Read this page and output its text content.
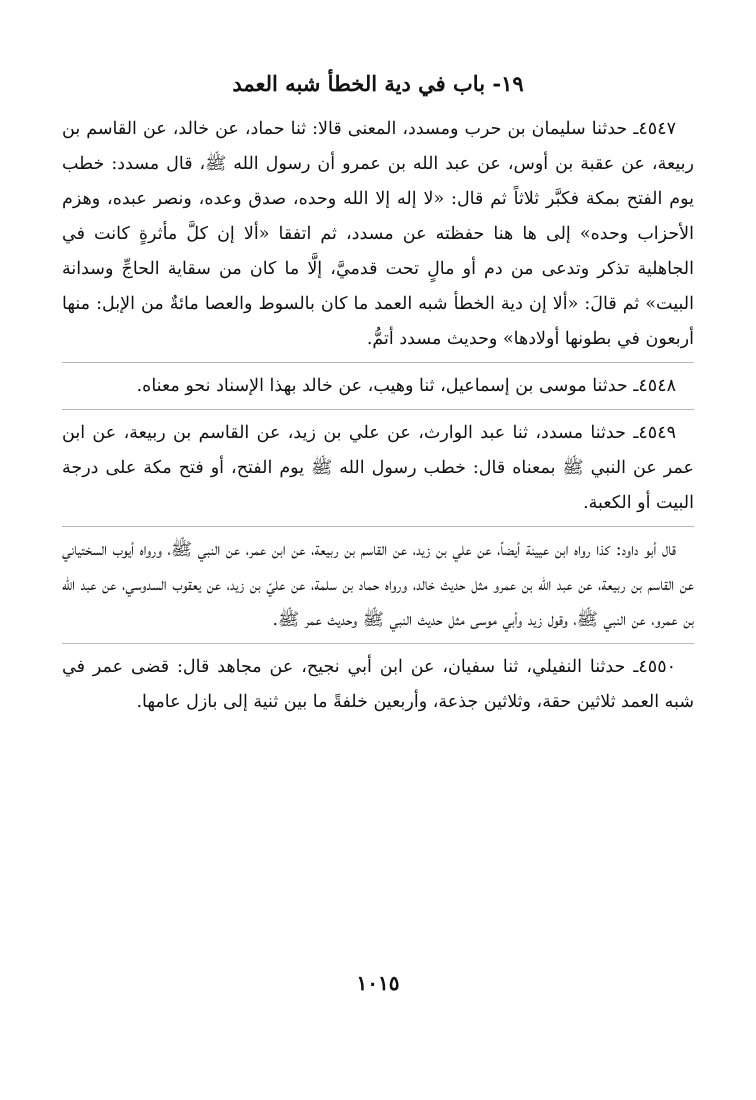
١٩- باب في دية الخطأ شبه العمد

٤٥٤٧ـ حدثنا سليمان بن حرب ومسدد، المعنى قالا: ثنا حماد، عن خالد، عن القاسم بن ربيعة، عن عقبة بن أوس، عن عبد الله بن عمرو أن رسول الله ﷺ، قال مسدد: خطب يوم الفتح بمكة فكبَّر ثلاثاً ثم قال: «لا إله إلا الله وحده، صدق وعده، ونصر عبده، وهزم الأحزاب وحده» إلى ها هنا حفظته عن مسدد، ثم اتفقا «ألا إن كلَّ مأثرةٍ كانت في الجاهلية تذكر وتدعى من دم أو مالٍ تحت قدميَّ، إلَّا ما كان من سقاية الحاجِّ وسدانة البيت» ثم قالَ: «ألا إن دية الخطأ شبه العمد ما كان بالسوط والعصا مائةٌ من الإبل: منها أربعون في بطونها أولادها» وحديث مسدد أتمُّ.

٤٥٤٨ـ حدثنا موسى بن إسماعيل، ثنا وهيب، عن خالد بهذا الإسناد نحو معناه.

٤٥٤٩ـ حدثنا مسدد، ثنا عبد الوارث، عن علي بن زيد، عن القاسم بن ربيعة، عن ابن عمر عن النبي ﷺ بمعناه قال: خطب رسول الله ﷺ يوم الفتح، أو فتح مكة على درجة البيت أو الكعبة.

قال أبو داود: كذا رواه ابن عيينة أيضاً، عن علي بن زيد، عن القاسم بن ربيعة، عن ابن عمر، عن النبي ﷺ، ورواه أيوب السختياني عن القاسم بن ربيعة، عن عبد الله بن عمرو مثل حديث خالد، ورواه حماد بن سلمة، عن عليّ بن زيد، عن يعقوب السدوسي، عن عبد الله بن عمرو، عن النبي ﷺ، وقول زيد وأبي موسى مثل حديث النبي ﷺ وحديث عمر ﷺ.

٤٥٥٠ـ حدثنا النفيلي، ثنا سفيان، عن ابن أبي نجيح، عن مجاهد قال: قضى عمر في شبه العمد ثلاثين حقة، وثلاثين جذعة، وأربعين خلفةً ما بين ثنية إلى بازل عامها.

١٠١٥
